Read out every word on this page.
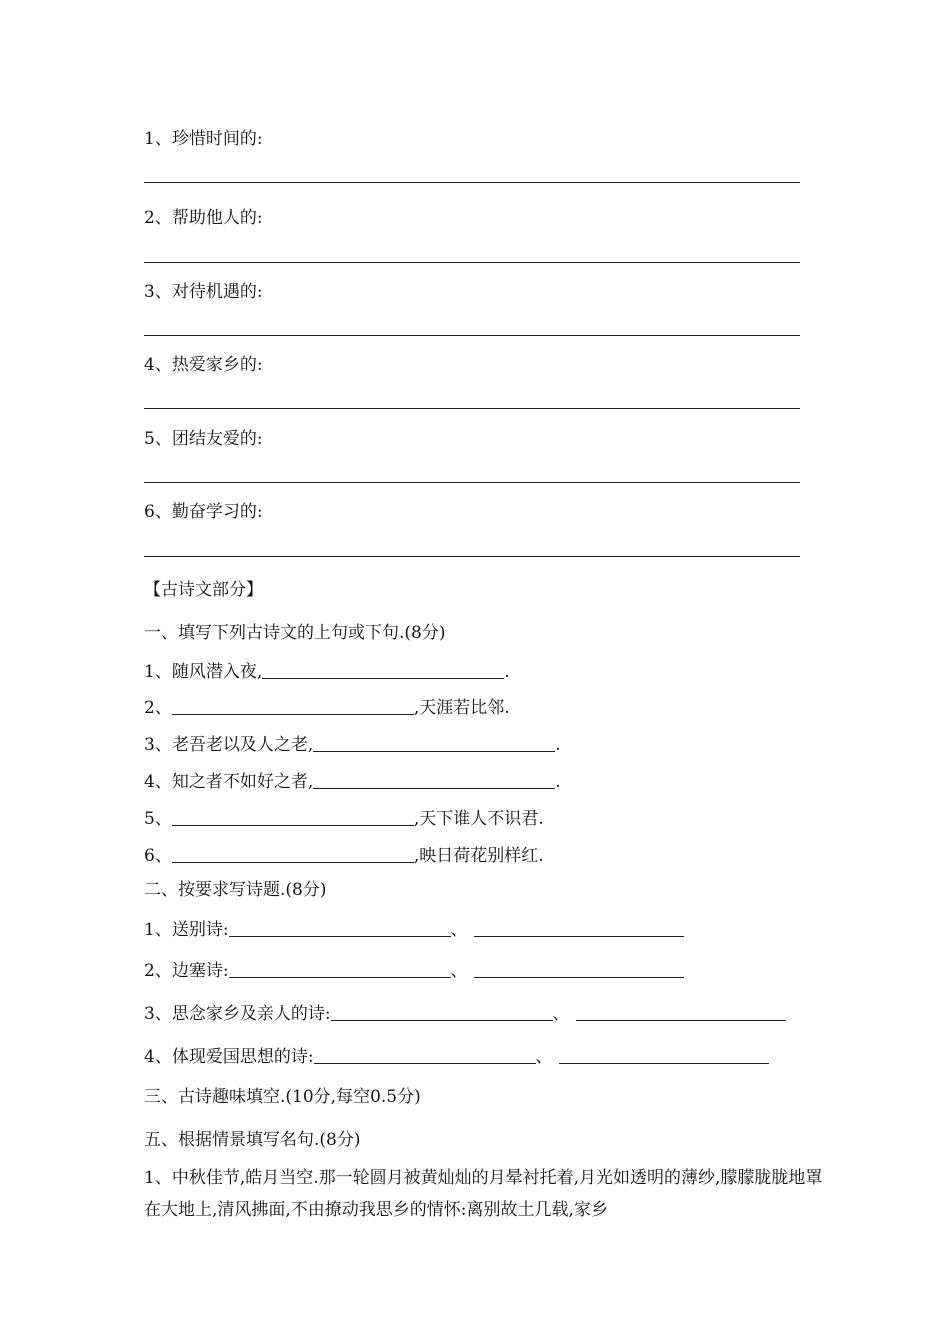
1、珍惜时间的:
2、帮助他人的:
3、对待机遇的:
4、热爱家乡的:
5、团结友爱的:
6、勤奋学习的:
【古诗文部分】
一、填写下列古诗文的上句或下句.(8分)
1、随风潜入夜,	.
2、	,天涯若比邻.
3、老吾老以及人之老,	.
4、知之者不如好之者,	.
5、	,天下谁人不识君.
6、	,映日荷花别样红.
二、按要求写诗题.(8分)
1、送别诗:	、
2、边塞诗:	、
3、思念家乡及亲人的诗:	、
4、体现爱国思想的诗:	、
三、古诗趣味填空.(10分,每空0.5分)
五、根据情景填写名句.(8分)
1、中秋佳节,皓月当空.那一轮圆月被黄灿灿的月晕衬托着,月光如透明的薄纱,朦朦胧胧地罩在大地上,清风拂面,不由撩动我思乡的情怀:离别故土几载,家乡
